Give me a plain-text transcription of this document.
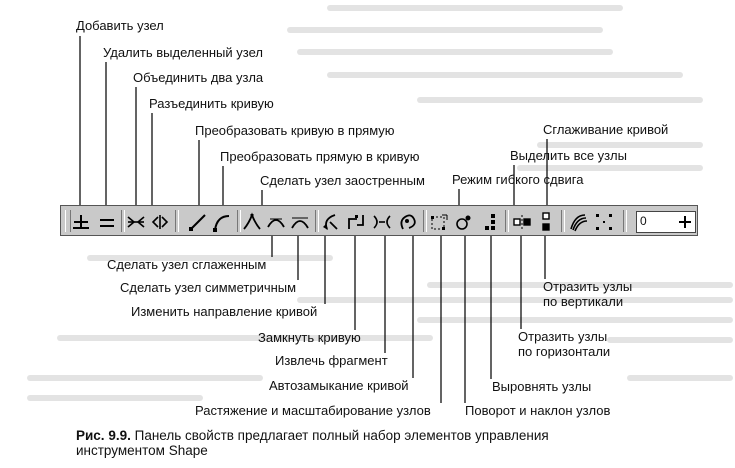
Добавить узел
Удалить выделенный узел
Объединить два узла
Разъединить кривую
Преобразовать кривую в прямую
Преобразовать прямую в кривую
Сделать узел заостренным Режим гибкого сдвига
Выделить все узлы
Сглаживание кривой
Сделать узел сглаженным
Сделать узел симметричным
Изменить направление кривой
Замкнуть кривую
Извлечь фрагмент
Автозамыкание кривой
Растяжение и масштабирование узлов	Поворот и наклон узлов
Выровнять узлы
Отразить узлы
по горизонтали
Отразить узлы
по вертикали
0
Рис. 9.9. Панель свойств предлагает полный набор элементов управления
инструментом Shape
